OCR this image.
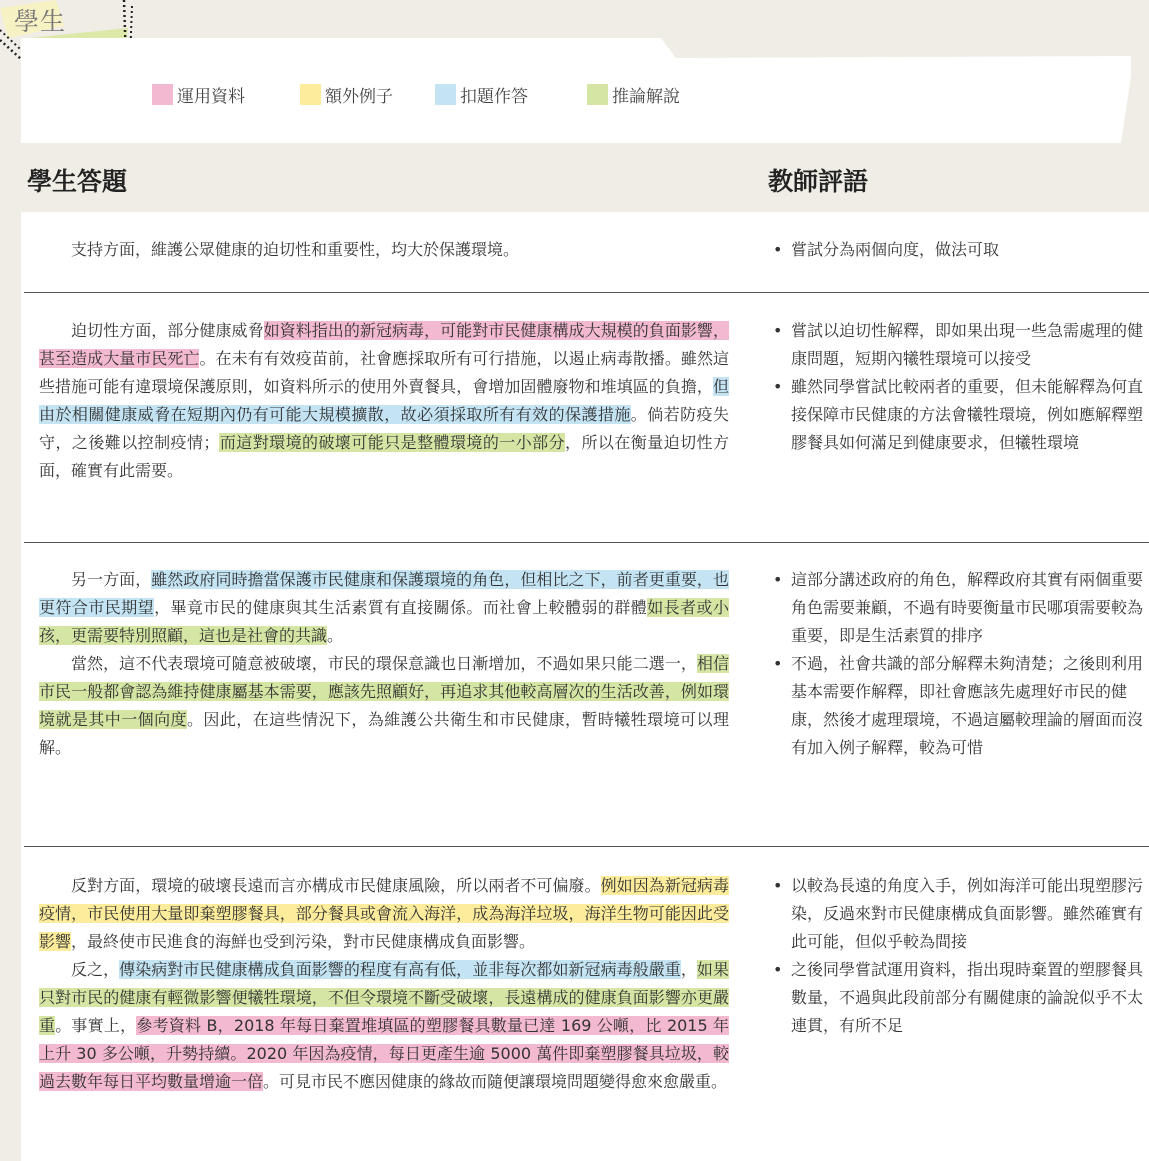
學生
運用資料	額外例子	扣題作答	推論解說
學生答題	教師評語

支持方面，維護公眾健康的迫切性和重要性，均大於保護環境。

•	嘗試分為兩個向度，做法可取

迫切性方面，部分健康威脅如資料指出的新冠病毒，可能對市民健康構成大規模的負面影響，甚至造成大量市民死亡。在未有有效疫苗前，社會應採取所有可行措施，以遏止病毒散播。雖然這些措施可能有違環境保護原則，如資料所示的使用外賣餐具，會增加固體廢物和堆填區的負擔，但由於相關健康威脅在短期內仍有可能大規模擴散，故必須採取所有有效的保護措施。倘若防疫失守，之後難以控制疫情；而這對環境的破壞可能只是整體環境的一小部分，所以在衡量迫切性方面，確實有此需要。

• 嘗試以迫切性解釋，即如果出現一些急需處理的健康問題，短期內犧牲環境可以接受
• 雖然同學嘗試比較兩者的重要，但未能解釋為何直接保障市民健康的方法會犧牲環境，例如應解釋塑膠餐具如何滿足到健康要求，但犧牲環境

另一方面，雖然政府同時擔當保護市民健康和保護環境的角色，但相比之下，前者更重要，也更符合市民期望，畢竟市民的健康與其生活素質有直接關係。而社會上較體弱的群體如長者或小孩，更需要特別照顧，這也是社會的共識。

當然，這不代表環境可隨意被破壞，市民的環保意識也日漸增加，不過如果只能二選一，相信市民一般都會認為維持健康屬基本需要，應該先照顧好，再追求其他較高層次的生活改善，例如環境就是其中一個向度。因此，在這些情況下，為維護公共衛生和市民健康，暫時犧牲環境可以理解。

• 這部分講述政府的角色，解釋政府其實有兩個重要角色需要兼顧，不過有時要衡量市民哪項需要較為重要，即是生活素質的排序
• 不過，社會共識的部分解釋未夠清楚；之後則利用基本需要作解釋，即社會應該先處理好市民的健康，然後才處理環境，不過這屬較理論的層面而沒有加入例子解釋，較為可惜

反對方面，環境的破壞長遠而言亦構成市民健康風險，所以兩者不可偏廢。例如因為新冠病毒疫情，市民使用大量即棄塑膠餐具，部分餐具或會流入海洋，成為海洋垃圾，海洋生物可能因此受影響，最終使市民進食的海鮮也受到污染，對市民健康構成負面影響。

反之，傳染病對市民健康構成負面影響的程度有高有低，並非每次都如新冠病毒般嚴重，如果只對市民的健康有輕微影響便犧牲環境，不但令環境不斷受破壞，長遠構成的健康負面影響亦更嚴重。事實上，參考資料 B，2018 年每日棄置堆填區的塑膠餐具數量已達 169 公噸，比 2015 年上升 30 多公噸，升勢持續。2020 年因為疫情，每日更產生逾 5000 萬件即棄塑膠餐具垃圾，較過去數年每日平均數量增逾一倍。可見市民不應因健康的緣故而隨便讓環境問題變得愈來愈嚴重。

• 以較為長遠的角度入手，例如海洋可能出現塑膠污染，反過來對市民健康構成負面影響。雖然確實有此可能，但似乎較為間接
• 之後同學嘗試運用資料，指出現時棄置的塑膠餐具數量，不過與此段前部分有關健康的論說似乎不太連貫，有所不足
